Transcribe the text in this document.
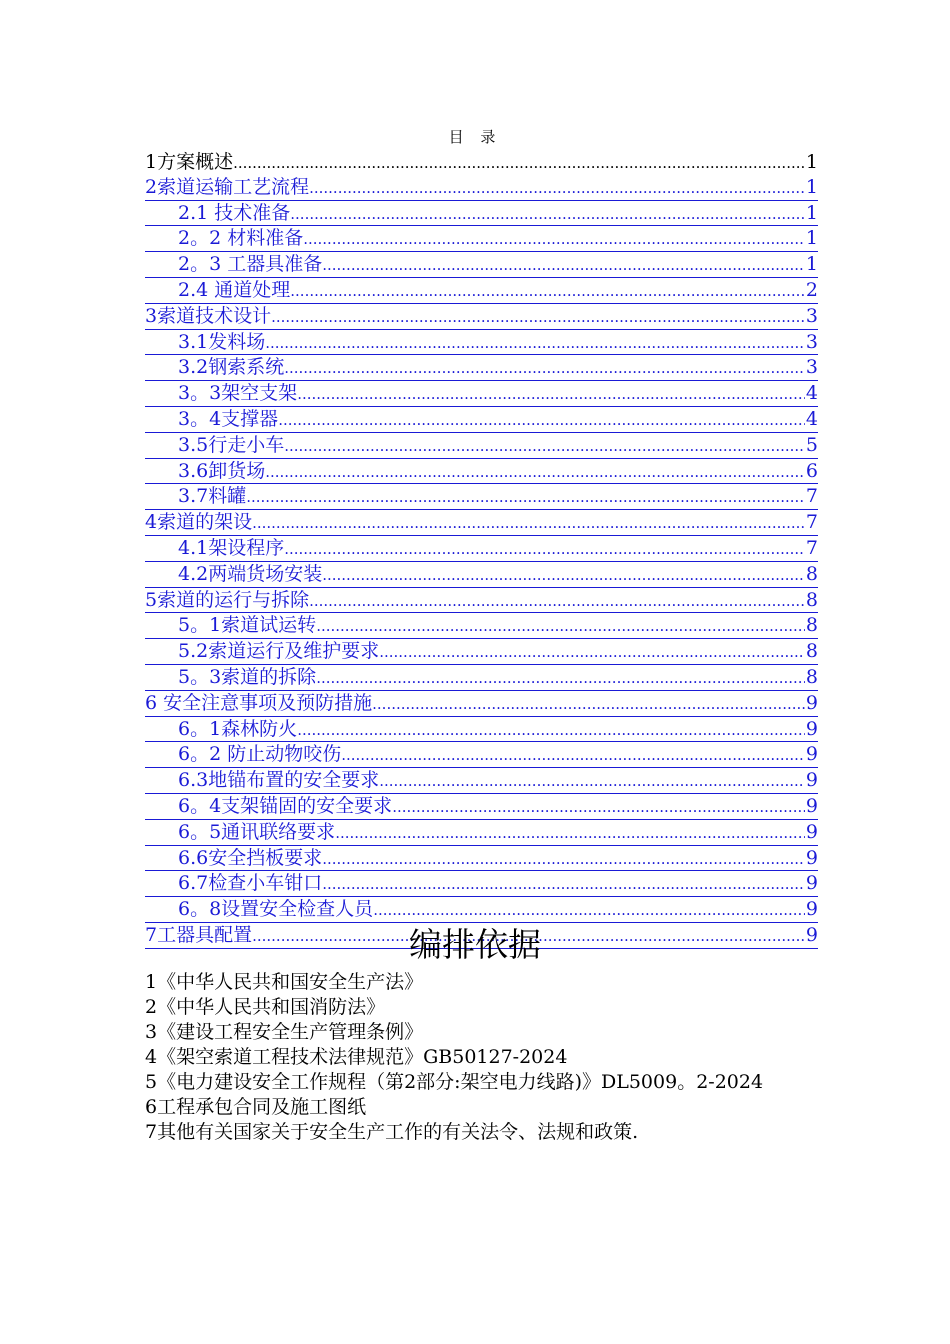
目 录
1方案概述 .....	1
2索道运输工艺流程 .....	1
2.1 技术准备 .....	1
2。2 材料准备 .....	1
2。3 工器具准备 .....	1
2.4 通道处理 .....	2
3索道技术设计 .....	3
3.1发料场 .....	3
3.2钢索系统 .....	3
3。3架空支架 .....	4
3。4支撑器 .....	4
3.5行走小车 .....	5
3.6卸货场 .....	6
3.7料罐 .....	7
4索道的架设 .....	7
4.1架设程序 .....	7
4.2两端货场安装 .....	8
5索道的运行与拆除 .....	8
5。1索道试运转 .....	8
5.2索道运行及维护要求 .....	8
5。3索道的拆除 .....	8
6 安全注意事项及预防措施 .....	9
6。1森林防火 .....	9
6。2 防止动物咬伤 .....	9
6.3地锚布置的安全要求 .....	9
6。4支架锚固的安全要求 .....	9
6。5通讯联络要求 .....	9
6.6安全挡板要求 .....	9
6.7检查小车钳口 .....	9
6。8设置安全检查人员 .....	9
7工器具配置 .....	9
编排依据

1《中华人民共和国安全生产法》

2《中华人民共和国消防法》

3《建设工程安全生产管理条例》

4《架空索道工程技术法律规范》GB50127-2024

5《电力建设安全工作规程（第2部分:架空电力线路)》DL5009。2-2024

6工程承包合同及施工图纸

7其他有关国家关于安全生产工作的有关法令、法规和政策.
